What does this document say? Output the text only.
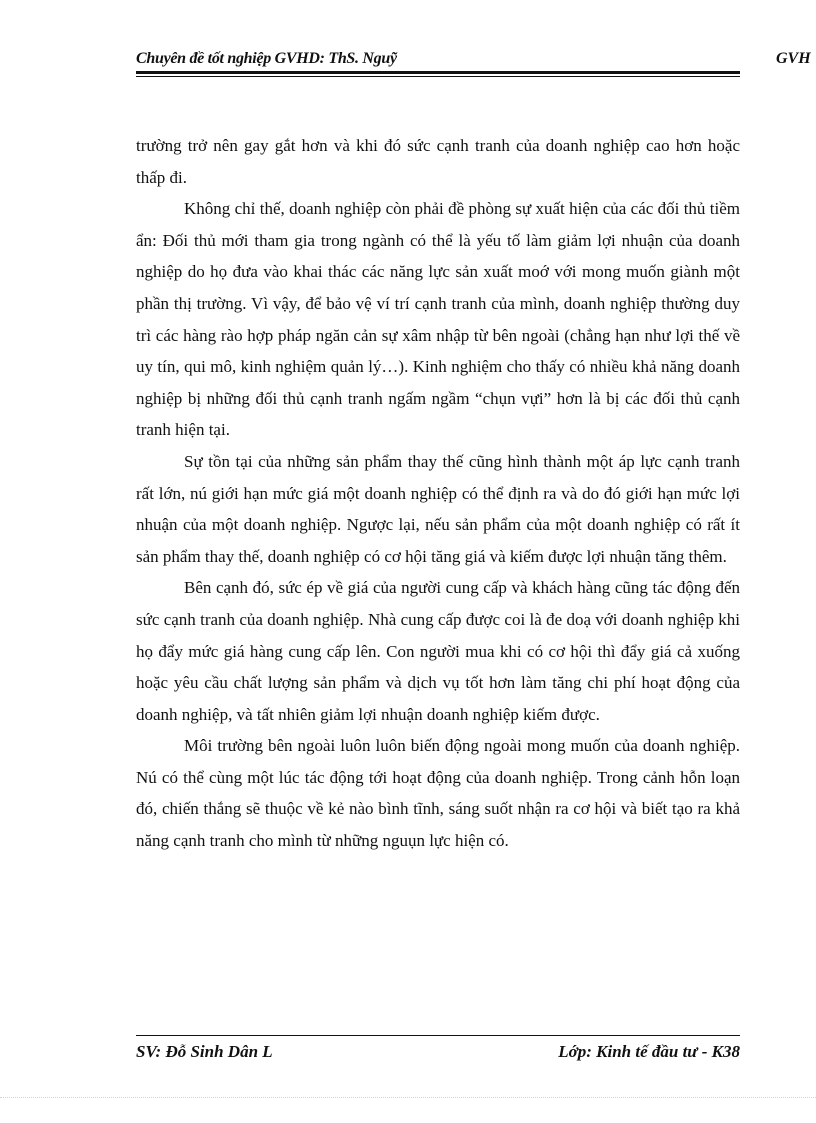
Chuyên đề tốt nghiệp GVHD: ThS. Nguỹ	GVH

trường trở nên gay gắt hơn và khi đó sức cạnh tranh của doanh nghiệp cao hơn hoặc thấp đi.

Không chỉ thế, doanh nghiệp còn phải đề phòng sự xuất hiện của các đối thủ tiềm ẩn: Đối thủ mới tham gia trong ngành có thể là yếu tố làm giảm lợi nhuận của doanh nghiệp do họ đưa vào khai thác các năng lực sản xuất moớ với mong muốn giành một phần thị trường. Vì vậy, để bảo vệ ví trí cạnh tranh của mình, doanh nghiệp thường duy trì các hàng rào hợp pháp ngăn cản sự xâm nhập từ bên ngoài (chẳng hạn như lợi thế về uy tín, qui mô, kinh nghiệm quản lý…). Kinh nghiệm cho thấy có nhiều khả năng doanh nghiệp bị những đối thủ cạnh tranh ngấm ngầm “chụn vựi” hơn là bị các đối thủ cạnh tranh hiện tại.

Sự tồn tại của những sản phẩm thay thế cũng hình thành một áp lực cạnh tranh rất lớn, nú giới hạn mức giá một doanh nghiệp có thể định ra và do đó giới hạn mức lợi nhuận của một doanh nghiệp. Ngược lại, nếu sản phẩm của một doanh nghiệp có rất ít sản phẩm thay thế, doanh nghiệp có cơ hội tăng giá và kiếm được lợi nhuận tăng thêm.

Bên cạnh đó, sức ép về giá của người cung cấp và khách hàng cũng tác động đến sức cạnh tranh của doanh nghiệp. Nhà cung cấp được coi là đe doạ với doanh nghiệp khi họ đẩy mức giá hàng cung cấp lên. Con người mua khi có cơ hội thì đẩy giá cả xuống hoặc yêu cầu chất lượng sản phẩm và dịch vụ tốt hơn làm tăng chi phí hoạt động của doanh nghiệp, và tất nhiên giảm lợi nhuận doanh nghiệp kiếm được.

Môi trường bên ngoài luôn luôn biến động ngoài mong muốn của doanh nghiệp. Nú có thể cùng một lúc tác động tới hoạt động của doanh nghiệp. Trong cảnh hỗn loạn đó, chiến thắng sẽ thuộc về kẻ nào bình tĩnh, sáng suốt nhận ra cơ hội và biết tạo ra khả năng cạnh tranh cho mình từ những nguụn lực hiện có.

SV: Đỗ Sinh Dân L	Lớp: Kinh tế đầu tư - K38
